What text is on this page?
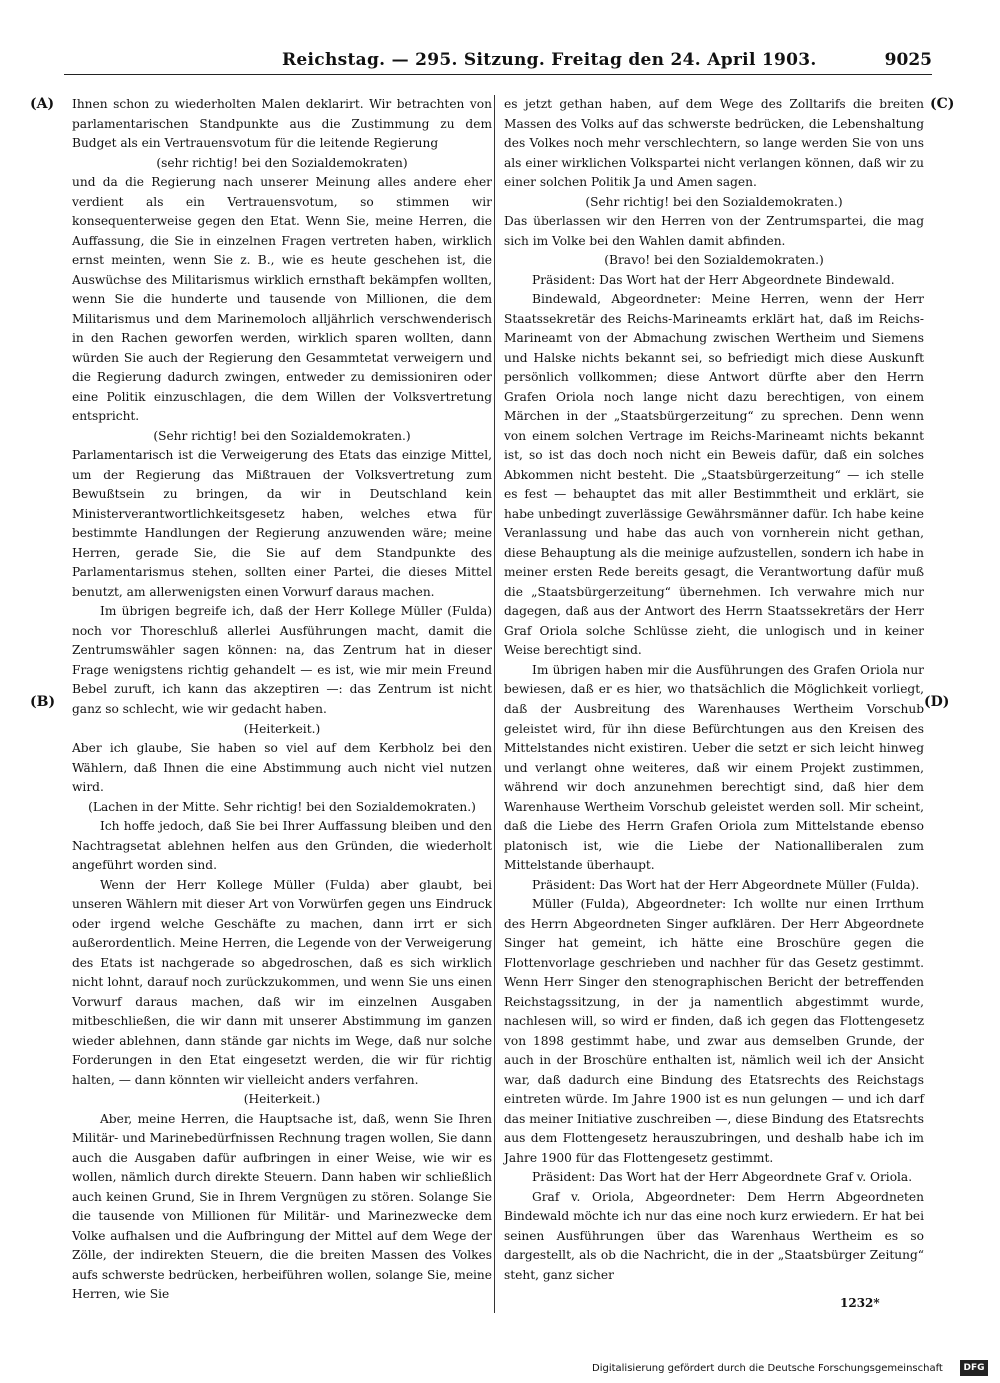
Reichstag. — 295. Sitzung. Freitag den 24. April 1903.	9025
(A)
(B)
(C)
(D)

Ihnen schon zu wiederholten Malen deklarirt. Wir betrachten von parlamentarischen Standpunkte aus die Zustimmung zu dem Budget als ein Vertrauensvotum für die leitende Regierung

(sehr richtig! bei den Sozialdemokraten)

und da die Regierung nach unserer Meinung alles andere eher verdient als ein Vertrauensvotum, so stimmen wir konsequenterweise gegen den Etat. Wenn Sie, meine Herren, die Auffassung, die Sie in einzelnen Fragen vertreten haben, wirklich ernst meinten, wenn Sie z. B., wie es heute geschehen ist, die Auswüchse des Militarismus wirklich ernsthaft bekämpfen wollten, wenn Sie die hunderte und tausende von Millionen, die dem Militarismus und dem Marinemoloch alljährlich verschwenderisch in den Rachen geworfen werden, wirklich sparen wollten, dann würden Sie auch der Regierung den Gesammtetat verweigern und die Regierung dadurch zwingen, entweder zu demissioniren oder eine Politik einzuschlagen, die dem Willen der Volksvertretung entspricht.

(Sehr richtig! bei den Sozialdemokraten.)

Parlamentarisch ist die Verweigerung des Etats das einzige Mittel, um der Regierung das Mißtrauen der Volksvertretung zum Bewußtsein zu bringen, da wir in Deutschland kein Ministerverantwortlichkeitsgesetz haben, welches etwa für bestimmte Handlungen der Regierung anzuwenden wäre; meine Herren, gerade Sie, die Sie auf dem Standpunkte des Parlamentarismus stehen, sollten einer Partei, die dieses Mittel benutzt, am allerwenigsten einen Vorwurf daraus machen.

Im übrigen begreife ich, daß der Herr Kollege Müller (Fulda) noch vor Thoreschluß allerlei Ausführungen macht, damit die Zentrumswähler sagen können: na, das Zentrum hat in dieser Frage wenigstens richtig gehandelt — es ist, wie mir mein Freund Bebel zuruft, ich kann das akzeptiren —: das Zentrum ist nicht ganz so schlecht, wie wir gedacht haben.

(Heiterkeit.)

Aber ich glaube, Sie haben so viel auf dem Kerbholz bei den Wählern, daß Ihnen die eine Abstimmung auch nicht viel nutzen wird.

(Lachen in der Mitte. Sehr richtig! bei den Sozialdemokraten.)

Ich hoffe jedoch, daß Sie bei Ihrer Auffassung bleiben und den Nachtragsetat ablehnen helfen aus den Gründen, die wiederholt angeführt worden sind.

Wenn der Herr Kollege Müller (Fulda) aber glaubt, bei unseren Wählern mit dieser Art von Vorwürfen gegen uns Eindruck oder irgend welche Geschäfte zu machen, dann irrt er sich außerordentlich. Meine Herren, die Legende von der Verweigerung des Etats ist nachgerade so abgedroschen, daß es sich wirklich nicht lohnt, darauf noch zurückzukommen, und wenn Sie uns einen Vorwurf daraus machen, daß wir im einzelnen Ausgaben mitbeschließen, die wir dann mit unserer Abstimmung im ganzen wieder ablehnen, dann stände gar nichts im Wege, daß nur solche Forderungen in den Etat eingesetzt werden, die wir für richtig halten, — dann könnten wir vielleicht anders verfahren.

(Heiterkeit.)

Aber, meine Herren, die Hauptsache ist, daß, wenn Sie Ihren Militär- und Marinebedürfnissen Rechnung tragen wollen, Sie dann auch die Ausgaben dafür aufbringen in einer Weise, wie wir es wollen, nämlich durch direkte Steuern. Dann haben wir schließlich auch keinen Grund, Sie in Ihrem Vergnügen zu stören. Solange Sie die tausende von Millionen für Militär- und Marinezwecke dem Volke aufhalsen und die Aufbringung der Mittel auf dem Wege der Zölle, der indirekten Steuern, die die breiten Massen des Volkes aufs schwerste bedrücken, herbeiführen wollen, solange Sie, meine Herren, wie Sie

es jetzt gethan haben, auf dem Wege des Zolltarifs die breiten Massen des Volks auf das schwerste bedrücken, die Lebenshaltung des Volkes noch mehr verschlechtern, so lange werden Sie von uns als einer wirklichen Volkspartei nicht verlangen können, daß wir zu einer solchen Politik Ja und Amen sagen.

(Sehr richtig! bei den Sozialdemokraten.)

Das überlassen wir den Herren von der Zentrumspartei, die mag sich im Volke bei den Wahlen damit abfinden.

(Bravo! bei den Sozialdemokraten.)

Präsident: Das Wort hat der Herr Abgeordnete Bindewald.

Bindewald, Abgeordneter: Meine Herren, wenn der Herr Staatssekretär des Reichs-Marineamts erklärt hat, daß im Reichs-Marineamt von der Abmachung zwischen Wertheim und Siemens und Halske nichts bekannt sei, so befriedigt mich diese Auskunft persönlich vollkommen; diese Antwort dürfte aber den Herrn Grafen Oriola noch lange nicht dazu berechtigen, von einem Märchen in der „Staatsbürgerzeitung“ zu sprechen. Denn wenn von einem solchen Vertrage im Reichs-Marineamt nichts bekannt ist, so ist das doch noch nicht ein Beweis dafür, daß ein solches Abkommen nicht besteht. Die „Staatsbürgerzeitung“ — ich stelle es fest — behauptet das mit aller Bestimmtheit und erklärt, sie habe unbedingt zuverlässige Gewährsmänner dafür. Ich habe keine Veranlassung und habe das auch von vornherein nicht gethan, diese Behauptung als die meinige aufzustellen, sondern ich habe in meiner ersten Rede bereits gesagt, die Verantwortung dafür muß die „Staatsbürgerzeitung“ übernehmen. Ich verwahre mich nur dagegen, daß aus der Antwort des Herrn Staatssekretärs der Herr Graf Oriola solche Schlüsse zieht, die unlogisch und in keiner Weise berechtigt sind.

Im übrigen haben mir die Ausführungen des Grafen Oriola nur bewiesen, daß er es hier, wo thatsächlich die Möglichkeit vorliegt, daß der Ausbreitung des Warenhauses Wertheim Vorschub geleistet wird, für ihn diese Befürchtungen aus den Kreisen des Mittelstandes nicht existiren. Ueber die setzt er sich leicht hinweg und verlangt ohne weiteres, daß wir einem Projekt zustimmen, während wir doch anzunehmen berechtigt sind, daß hier dem Warenhause Wertheim Vorschub geleistet werden soll. Mir scheint, daß die Liebe des Herrn Grafen Oriola zum Mittelstande ebenso platonisch ist, wie die Liebe der Nationalliberalen zum Mittelstande überhaupt.

Präsident: Das Wort hat der Herr Abgeordnete Müller (Fulda).

Müller (Fulda), Abgeordneter: Ich wollte nur einen Irrthum des Herrn Abgeordneten Singer aufklären. Der Herr Abgeordnete Singer hat gemeint, ich hätte eine Broschüre gegen die Flottenvorlage geschrieben und nachher für das Gesetz gestimmt. Wenn Herr Singer den stenographischen Bericht der betreffenden Reichstagssitzung, in der ja namentlich abgestimmt wurde, nachlesen will, so wird er finden, daß ich gegen das Flottengesetz von 1898 gestimmt habe, und zwar aus demselben Grunde, der auch in der Broschüre enthalten ist, nämlich weil ich der Ansicht war, daß dadurch eine Bindung des Etatsrechts des Reichstags eintreten würde. Im Jahre 1900 ist es nun gelungen — und ich darf das meiner Initiative zuschreiben —, diese Bindung des Etatsrechts aus dem Flottengesetz herauszubringen, und deshalb habe ich im Jahre 1900 für das Flottengesetz gestimmt.

Präsident: Das Wort hat der Herr Abgeordnete Graf v. Oriola.

Graf v. Oriola, Abgeordneter: Dem Herrn Abgeordneten Bindewald möchte ich nur das eine noch kurz erwiedern. Er hat bei seinen Ausführungen über das Warenhaus Wertheim es so dargestellt, als ob die Nachricht, die in der „Staatsbürger Zeitung“ steht, ganz sicher

1232*
Digitalisierung gefördert durch die Deutsche Forschungsgemeinschaft	DFG
